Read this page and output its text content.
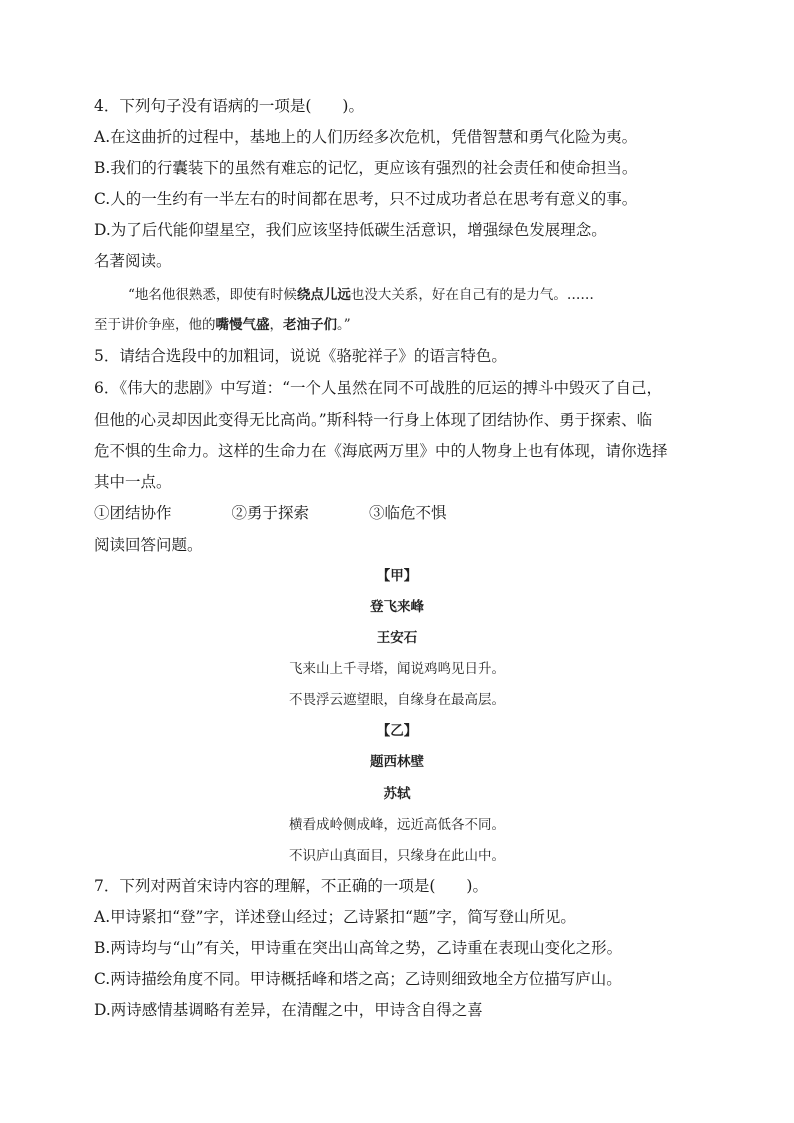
4．下列句子没有语病的一项是(　　)。
A.在这曲折的过程中，基地上的人们历经多次危机，凭借智慧和勇气化险为夷。
B.我们的行囊装下的虽然有难忘的记忆，更应该有强烈的社会责任和使命担当。
C.人的一生约有一半左右的时间都在思考，只不过成功者总在思考有意义的事。
D.为了后代能仰望星空，我们应该坚持低碳生活意识，增强绿色发展理念。
名著阅读。
“地名他很熟悉，即使有时候绕点儿远也没大关系，好在自己有的是力气。……
至于讲价争座，他的嘴慢气盛，老油子们。”
5．请结合选段中的加粗词，说说《骆驼祥子》的语言特色。
6．《伟大的悲剧》中写道：“一个人虽然在同不可战胜的厄运的搏斗中毁灭了自己，
但他的心灵却因此变得无比高尚。”斯科特一行身上体现了团结协作、勇于探索、临
危不惧的生命力。这样的生命力在《海底两万里》中的人物身上也有体现，请你选择
其中一点。
①团结协作	②勇于探索	③临危不惧
阅读回答问题。
【甲】
登飞来峰
王安石
飞来山上千寻塔，闻说鸡鸣见日升。
不畏浮云遮望眼，自缘身在最高层。
【乙】
题西林壁
苏轼
横看成岭侧成峰，远近高低各不同。
不识庐山真面目，只缘身在此山中。
7．下列对两首宋诗内容的理解，不正确的一项是(　　)。
A.甲诗紧扣“登”字，详述登山经过；乙诗紧扣“题”字，简写登山所见。
B.两诗均与“山”有关，甲诗重在突出山高耸之势，乙诗重在表现山变化之形。
C.两诗描绘角度不同。甲诗概括峰和塔之高；乙诗则细致地全方位描写庐山。
D.两诗感情基调略有差异，在清醒之中，甲诗含自得之喜
